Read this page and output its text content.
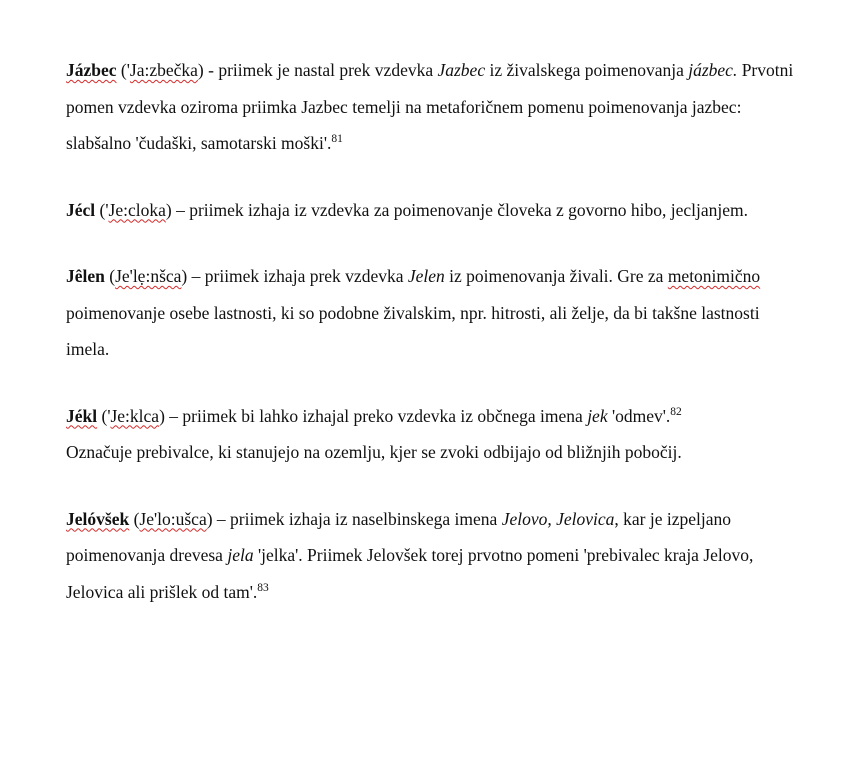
Jázbec ('Ja:zbečka) - priimek je nastal prek vzdevka Jazbec iz živalskega poimenovanja jázbec. Prvotni pomen vzdevka oziroma priimka Jazbec temelji na metaforičnem pomenu poimenovanja jazbec: slabšalno 'čudaški, samotarski moški'.$^{81}$

Jécl ('Je:cloka) – priimek izhaja iz vzdevka za poimenovanje človeka z govorno hibo, jecljanjem.

Jêlen (Je'lẹ:nšca) – priimek izhaja prek vzdevka Jelen iz poimenovanja živali. Gre za metonimično poimenovanje osebe lastnosti, ki so podobne živalskim, npr. hitrosti, ali želje, da bi takšne lastnosti imela.

Jékl ('Je:klca) – priimek bi lahko izhajal preko vzdevka iz občnega imena jek 'odmev'.$^{82}$
Označuje prebivalce, ki stanujejo na ozemlju, kjer se zvoki odbijajo od bližnjih pobočij.

Jelóvšek (Je'lo:ušca) – priimek izhaja iz naselbinskega imena Jelovo, Jelovica, kar je izpeljano poimenovanja drevesa jela 'jelka'. Priimek Jelovšek torej prvotno pomeni 'prebivalec kraja Jelovo, Jelovica ali prišlek od tam'.$^{83}$
